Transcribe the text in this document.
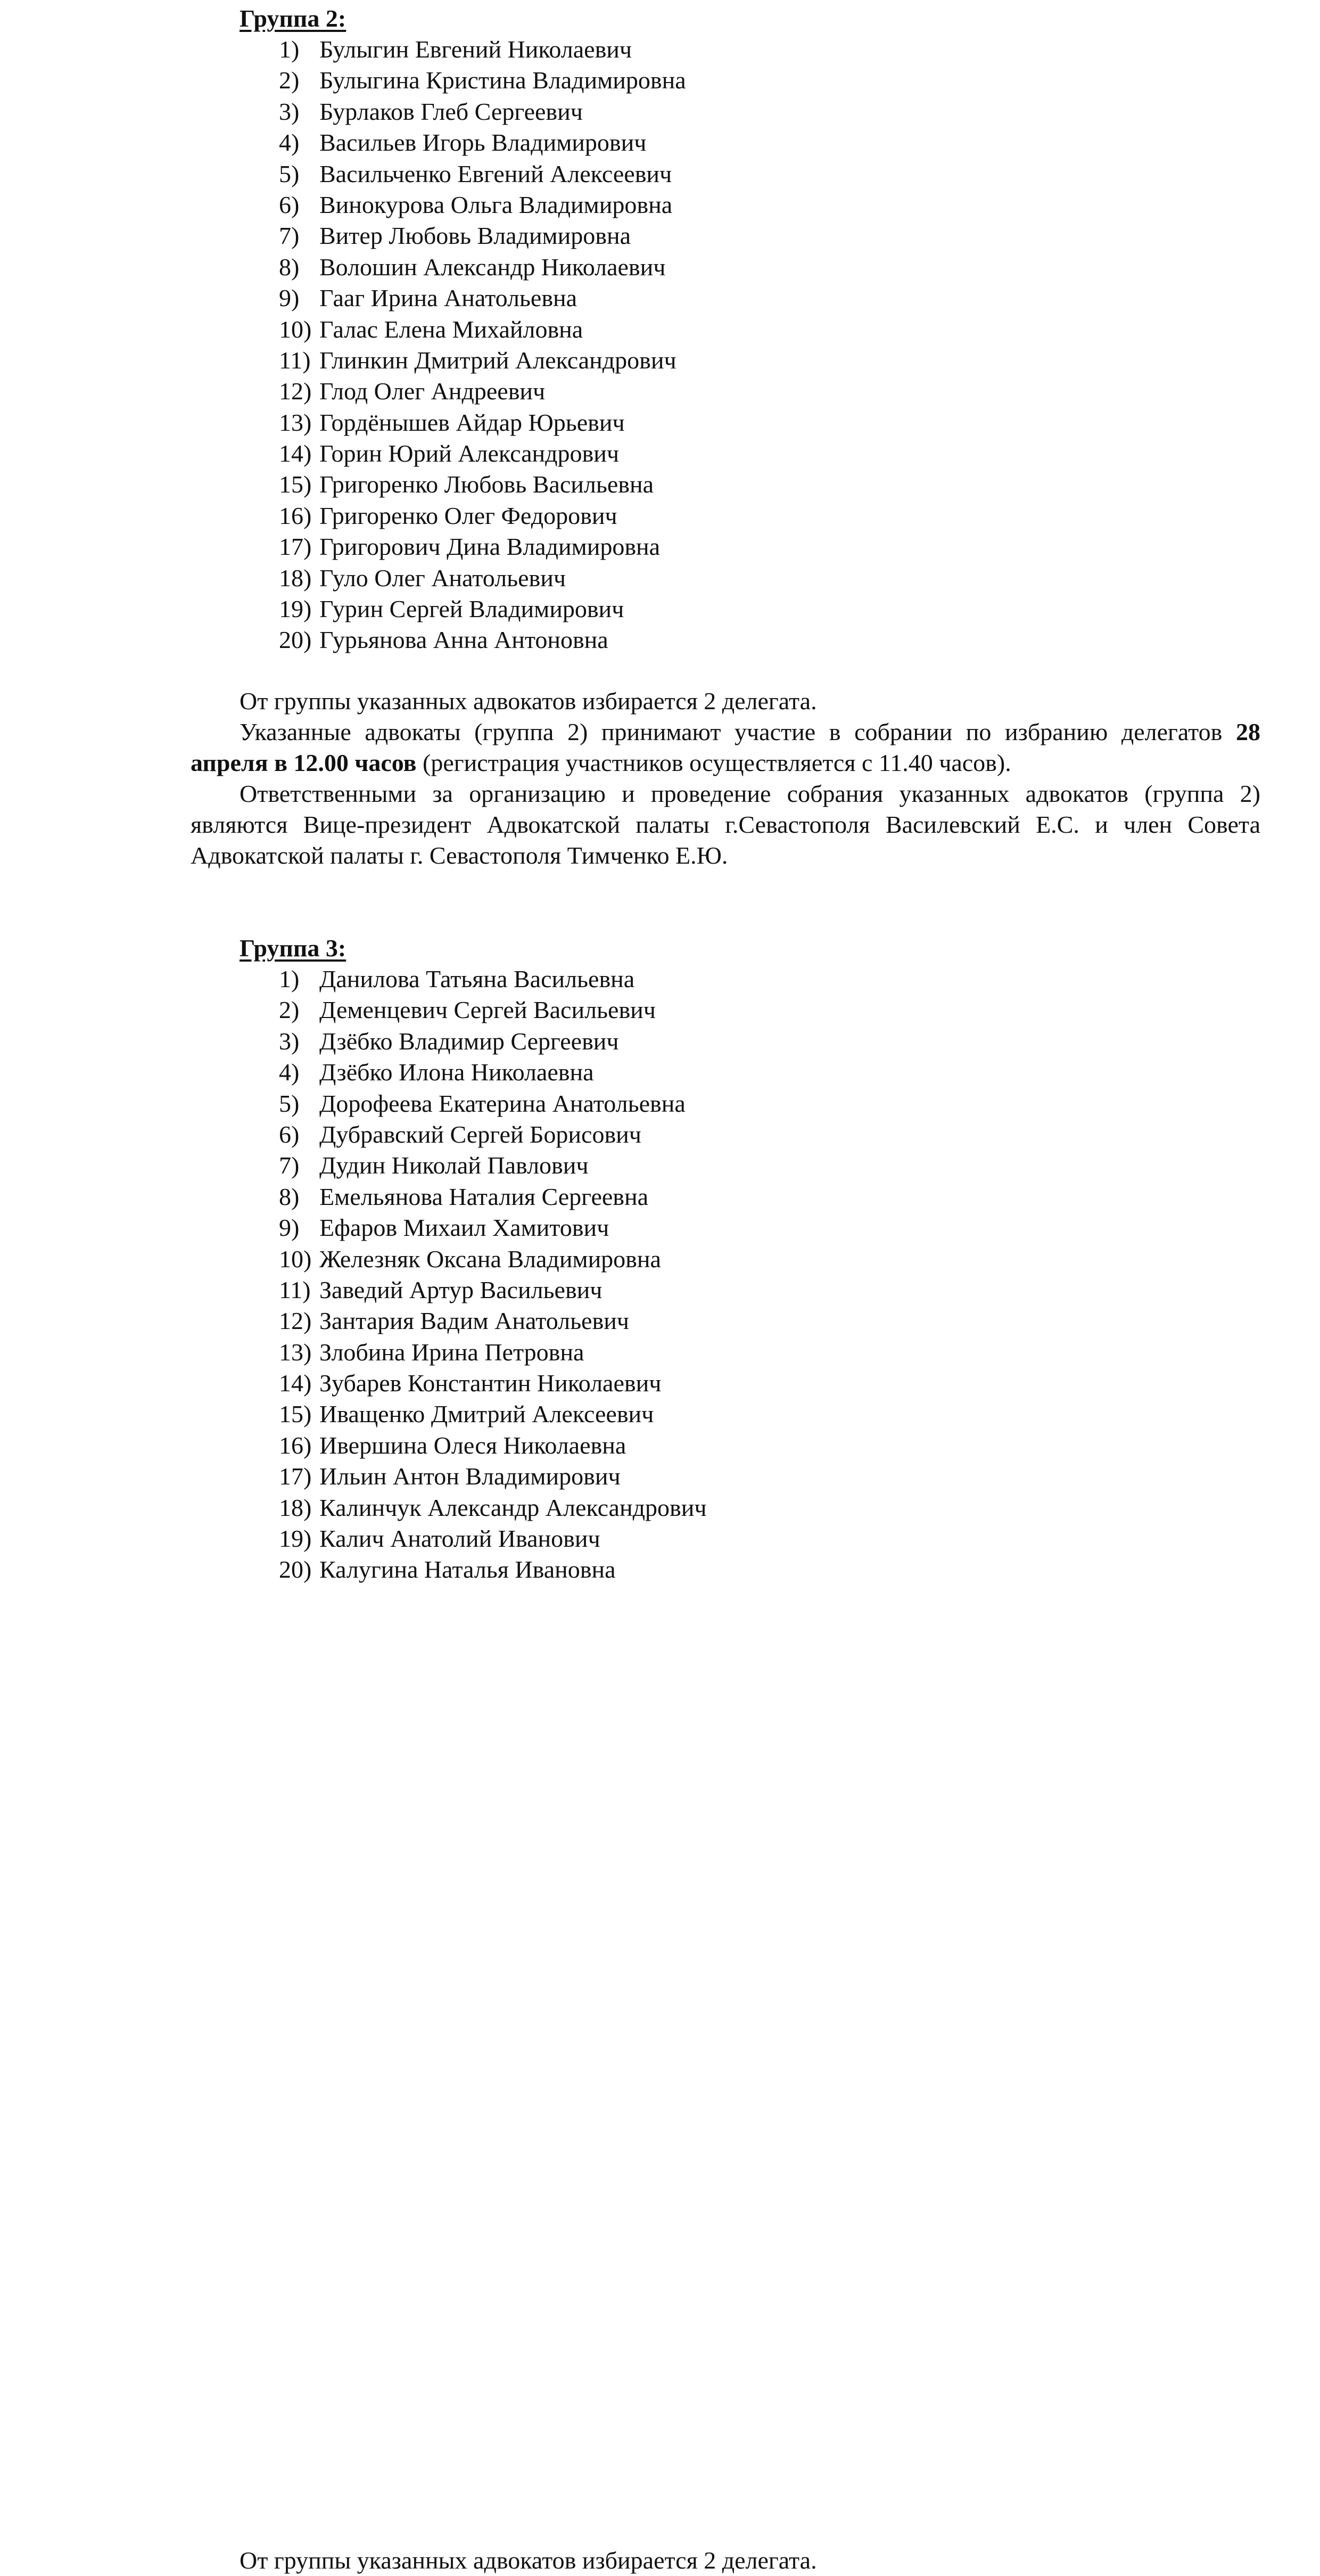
Группа 2:
1) Булыгин Евгений Николаевич
2) Булыгина Кристина Владимировна
3) Бурлаков Глеб Сергеевич
4) Васильев Игорь Владимирович
5) Васильченко Евгений Алексеевич
6) Винокурова Ольга Владимировна
7) Витер Любовь Владимировна
8) Волошин Александр Николаевич
9) Гааг Ирина Анатольевна
10) Галас Елена Михайловна
11) Глинкин Дмитрий Александрович
12) Глод Олег Андреевич
13) Гордёнышев Айдар Юрьевич
14) Горин Юрий Александрович
15) Григоренко Любовь Васильевна
16) Григоренко Олег Федорович
17) Григорович Дина Владимировна
18) Гуло Олег Анатольевич
19) Гурин Сергей Владимирович
20) Гурьянова Анна Антоновна

От группы указанных адвокатов избирается 2 делегата.

Указанные адвокаты (группа 2) принимают участие в собрании по избранию делегатов 28 апреля в 12.00 часов (регистрация участников осуществляется с 11.40 часов).

Ответственными за организацию и проведение собрания указанных адвокатов (группа 2) являются Вице-президент Адвокатской палаты г.Севастополя Василевский Е.С. и член Совета Адвокатской палаты г. Севастополя Тимченко Е.Ю.

Группа 3:
1) Данилова Татьяна Васильевна
2) Деменцевич Сергей Васильевич
3) Дзёбко Владимир Сергеевич
4) Дзёбко Илона Николаевна
5) Дорофеева Екатерина Анатольевна
6) Дубравский Сергей Борисович
7) Дудин Николай Павлович
8) Емельянова Наталия Сергеевна
9) Ефаров Михаил Хамитович
10) Железняк Оксана Владимировна
11) Заведий Артур Васильевич
12) Зантария Вадим Анатольевич
13) Злобина Ирина Петровна
14) Зубарев Константин Николаевич
15) Иващенко Дмитрий Алексеевич
16) Ивершина Олеся Николаевна
17) Ильин Антон Владимирович
18) Калинчук Александр Александрович
19) Калич Анатолий Иванович
20) Калугина Наталья Ивановна

От группы указанных адвокатов избирается 2 делегата.
